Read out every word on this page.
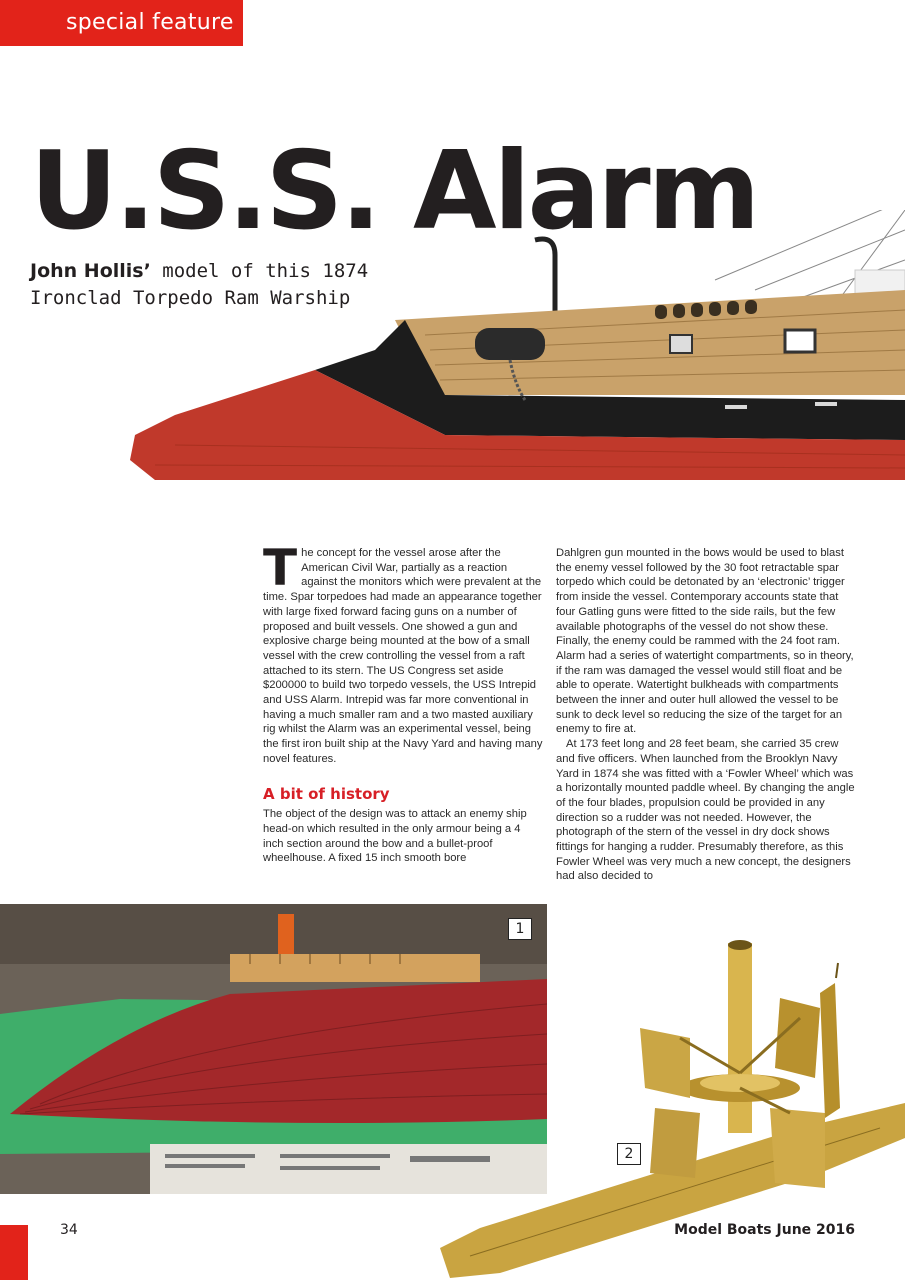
special feature
U.S.S. Alarm
John Hollis’ model of this 1874
Ironclad Torpedo Ram Warship

The concept for the vessel arose after the American Civil War, partially as a reaction against the monitors which were prevalent at the time. Spar torpedoes had made an appearance together with large fixed forward facing guns on a number of proposed and built vessels. One showed a gun and explosive charge being mounted at the bow of a small vessel with the crew controlling the vessel from a raft attached to its stern. The US Congress set aside $200000 to build two torpedo vessels, the USS Intrepid and USS Alarm. Intrepid was far more conventional in having a much smaller ram and a two masted auxiliary rig whilst the Alarm was an experimental vessel, being the first iron built ship at the Navy Yard and having many novel features.

A bit of history

The object of the design was to attack an enemy ship head-on which resulted in the only armour being a 4 inch section around the bow and a bullet-proof wheelhouse. A fixed 15 inch smooth bore

Dahlgren gun mounted in the bows would be used to blast the enemy vessel followed by the 30 foot retractable spar torpedo which could be detonated by an ‘electronic’ trigger from inside the vessel. Contemporary accounts state that four Gatling guns were fitted to the side rails, but the few available photographs of the vessel do not show these. Finally, the enemy could be rammed with the 24 foot ram. Alarm had a series of watertight compartments, so in theory, if the ram was damaged the vessel would still float and be able to operate. Watertight bulkheads with compartments between the inner and outer hull allowed the vessel to be sunk to deck level so reducing the size of the target for an enemy to fire at.

At 173 feet long and 28 feet beam, she carried 35 crew and five officers. When launched from the Brooklyn Navy Yard in 1874 she was fitted with a ‘Fowler Wheel’ which was a horizontally mounted paddle wheel. By changing the angle of the four blades, propulsion could be provided in any direction so a rudder was not needed. However, the photograph of the stern of the vessel in dry dock shows fittings for hanging a rudder. Presumably therefore, as this Fowler Wheel was very much a new concept, the designers had also decided to

1
2
34	Model Boats June 2016
